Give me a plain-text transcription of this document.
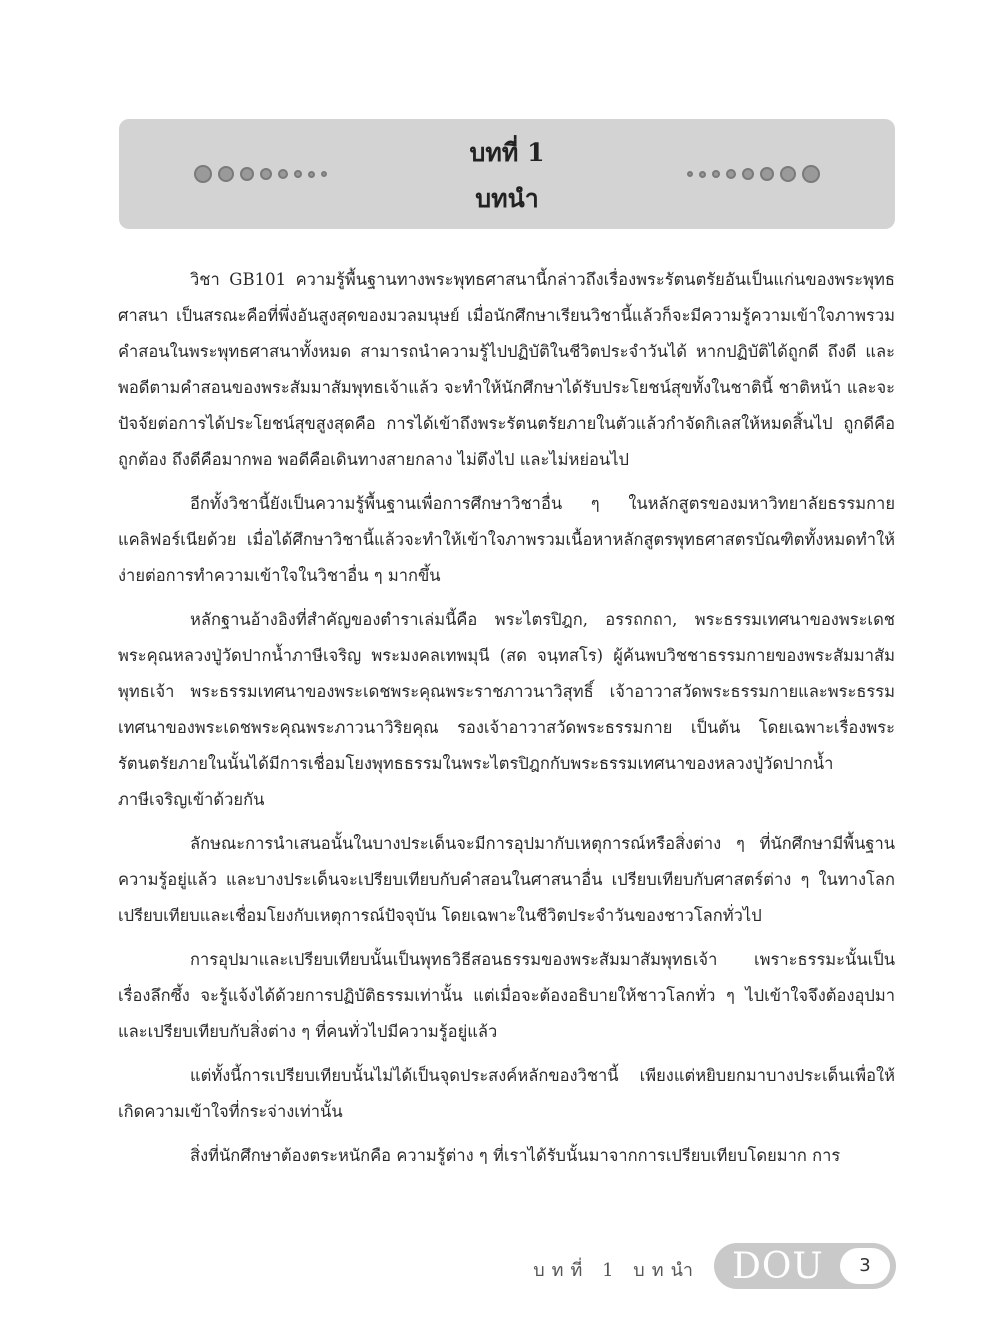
บทที่ 1
บทนำ

วิชา GB101 ความรู้พื้นฐานทางพระพุทธศาสนานี้กล่าวถึงเรื่องพระรัตนตรัยอันเป็นแก่นของพระพุทธศาสนา เป็นสรณะคือที่พึ่งอันสูงสุดของมวลมนุษย์ เมื่อนักศึกษาเรียนวิชานี้แล้วก็จะมีความรู้ความเข้าใจภาพรวมคำสอนในพระพุทธศาสนาทั้งหมด สามารถนำความรู้ไปปฏิบัติในชีวิตประจำวันได้ หากปฏิบัติได้ถูกดี ถึงดี และพอดีตามคำสอนของพระสัมมาสัมพุทธเจ้าแล้ว จะทำให้นักศึกษาได้รับประโยชน์สุขทั้งในชาตินี้ ชาติหน้า และจะปัจจัยต่อการได้ประโยชน์สุขสูงสุดคือ การได้เข้าถึงพระรัตนตรัยภายในตัวแล้วกำจัดกิเลสให้หมดสิ้นไป ถูกดีคือถูกต้อง ถึงดีคือมากพอ พอดีคือเดินทางสายกลาง ไม่ตึงไป และไม่หย่อนไป

อีกทั้งวิชานี้ยังเป็นความรู้พื้นฐานเพื่อการศึกษาวิชาอื่น ๆ ในหลักสูตรของมหาวิทยาลัยธรรมกายแคลิฟอร์เนียด้วย เมื่อได้ศึกษาวิชานี้แล้วจะทำให้เข้าใจภาพรวมเนื้อหาหลักสูตรพุทธศาสตรบัณฑิตทั้งหมดทำให้ง่ายต่อการทำความเข้าใจในวิชาอื่น ๆ มากขึ้น

หลักฐานอ้างอิงที่สำคัญของตำราเล่มนี้คือ พระไตรปิฎก, อรรถกถา, พระธรรมเทศนาของพระเดชพระคุณหลวงปู่วัดปากน้ำภาษีเจริญ พระมงคลเทพมุนี (สด จนฺทสโร) ผู้ค้นพบวิชชาธรรมกายของพระสัมมาสัมพุทธเจ้า พระธรรมเทศนาของพระเดชพระคุณพระราชภาวนาวิสุทธิ์ เจ้าอาวาสวัดพระธรรมกายและพระธรรมเทศนาของพระเดชพระคุณพระภาวนาวิริยคุณ รองเจ้าอาวาสวัดพระธรรมกาย เป็นต้น โดยเฉพาะเรื่องพระรัตนตรัยภายในนั้นได้มีการเชื่อมโยงพุทธธรรมในพระไตรปิฎกกับพระธรรมเทศนาของหลวงปู่วัดปากน้ำภาษีเจริญเข้าด้วยกัน

ลักษณะการนำเสนอนั้นในบางประเด็นจะมีการอุปมากับเหตุการณ์หรือสิ่งต่าง ๆ ที่นักศึกษามีพื้นฐานความรู้อยู่แล้ว และบางประเด็นจะเปรียบเทียบกับคำสอนในศาสนาอื่น เปรียบเทียบกับศาสตร์ต่าง ๆ ในทางโลก เปรียบเทียบและเชื่อมโยงกับเหตุการณ์ปัจจุบัน โดยเฉพาะในชีวิตประจำวันของชาวโลกทั่วไป

การอุปมาและเปรียบเทียบนั้นเป็นพุทธวิธีสอนธรรมของพระสัมมาสัมพุทธเจ้า เพราะธรรมะนั้นเป็นเรื่องลึกซึ้ง จะรู้แจ้งได้ด้วยการปฏิบัติธรรมเท่านั้น แต่เมื่อจะต้องอธิบายให้ชาวโลกทั่ว ๆ ไปเข้าใจจึงต้องอุปมาและเปรียบเทียบกับสิ่งต่าง ๆ ที่คนทั่วไปมีความรู้อยู่แล้ว

แต่ทั้งนี้การเปรียบเทียบนั้นไม่ได้เป็นจุดประสงค์หลักของวิชานี้ เพียงแต่หยิบยกมาบางประเด็นเพื่อให้เกิดความเข้าใจที่กระจ่างเท่านั้น

สิ่งที่นักศึกษาต้องตระหนักคือ ความรู้ต่าง ๆ ที่เราได้รับนั้นมาจากการเปรียบเทียบโดยมาก การ

บทที่ 1 บทนำ DOU	3
